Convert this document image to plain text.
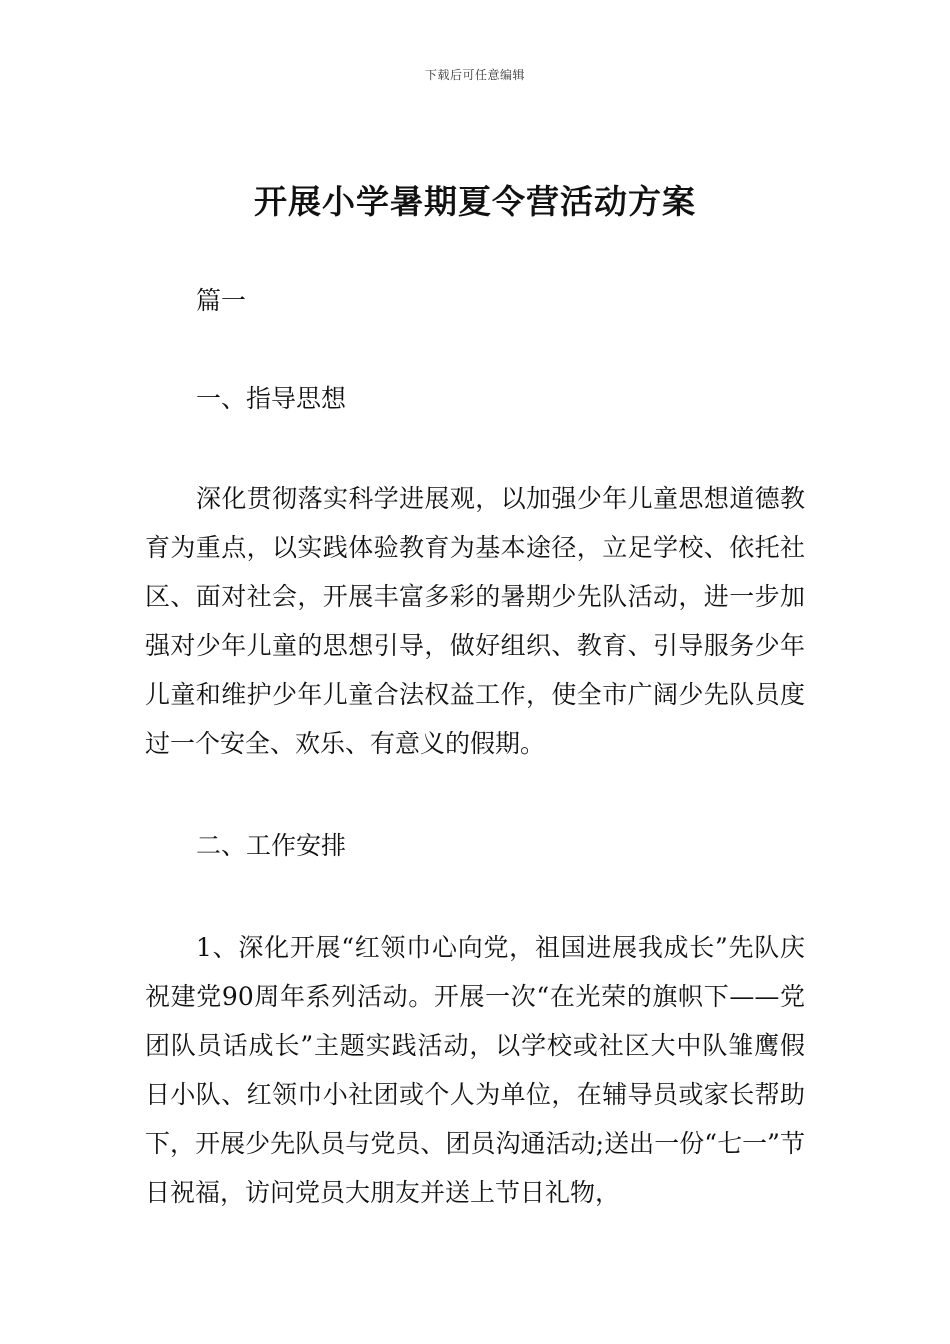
下载后可任意编辑
开展小学暑期夏令营活动方案
篇一
一、指导思想
深化贯彻落实科学进展观，以加强少年儿童思想道德教育为重点，以实践体验教育为基本途径，立足学校、依托社区、面对社会，开展丰富多彩的暑期少先队活动，进一步加强对少年儿童的思想引导，做好组织、教育、引导服务少年儿童和维护少年儿童合法权益工作，使全市广阔少先队员度过一个安全、欢乐、有意义的假期。
二、工作安排
1、深化开展“红领巾心向党，祖国进展我成长”先队庆祝建党90周年系列活动。开展一次“在光荣的旗帜下——党团队员话成长”主题实践活动，以学校或社区大中队雏鹰假日小队、红领巾小社团或个人为单位，在辅导员或家长帮助下，开展少先队员与党员、团员沟通活动;送出一份“七一”节日祝福，访问党员大朋友并送上节日礼物，
